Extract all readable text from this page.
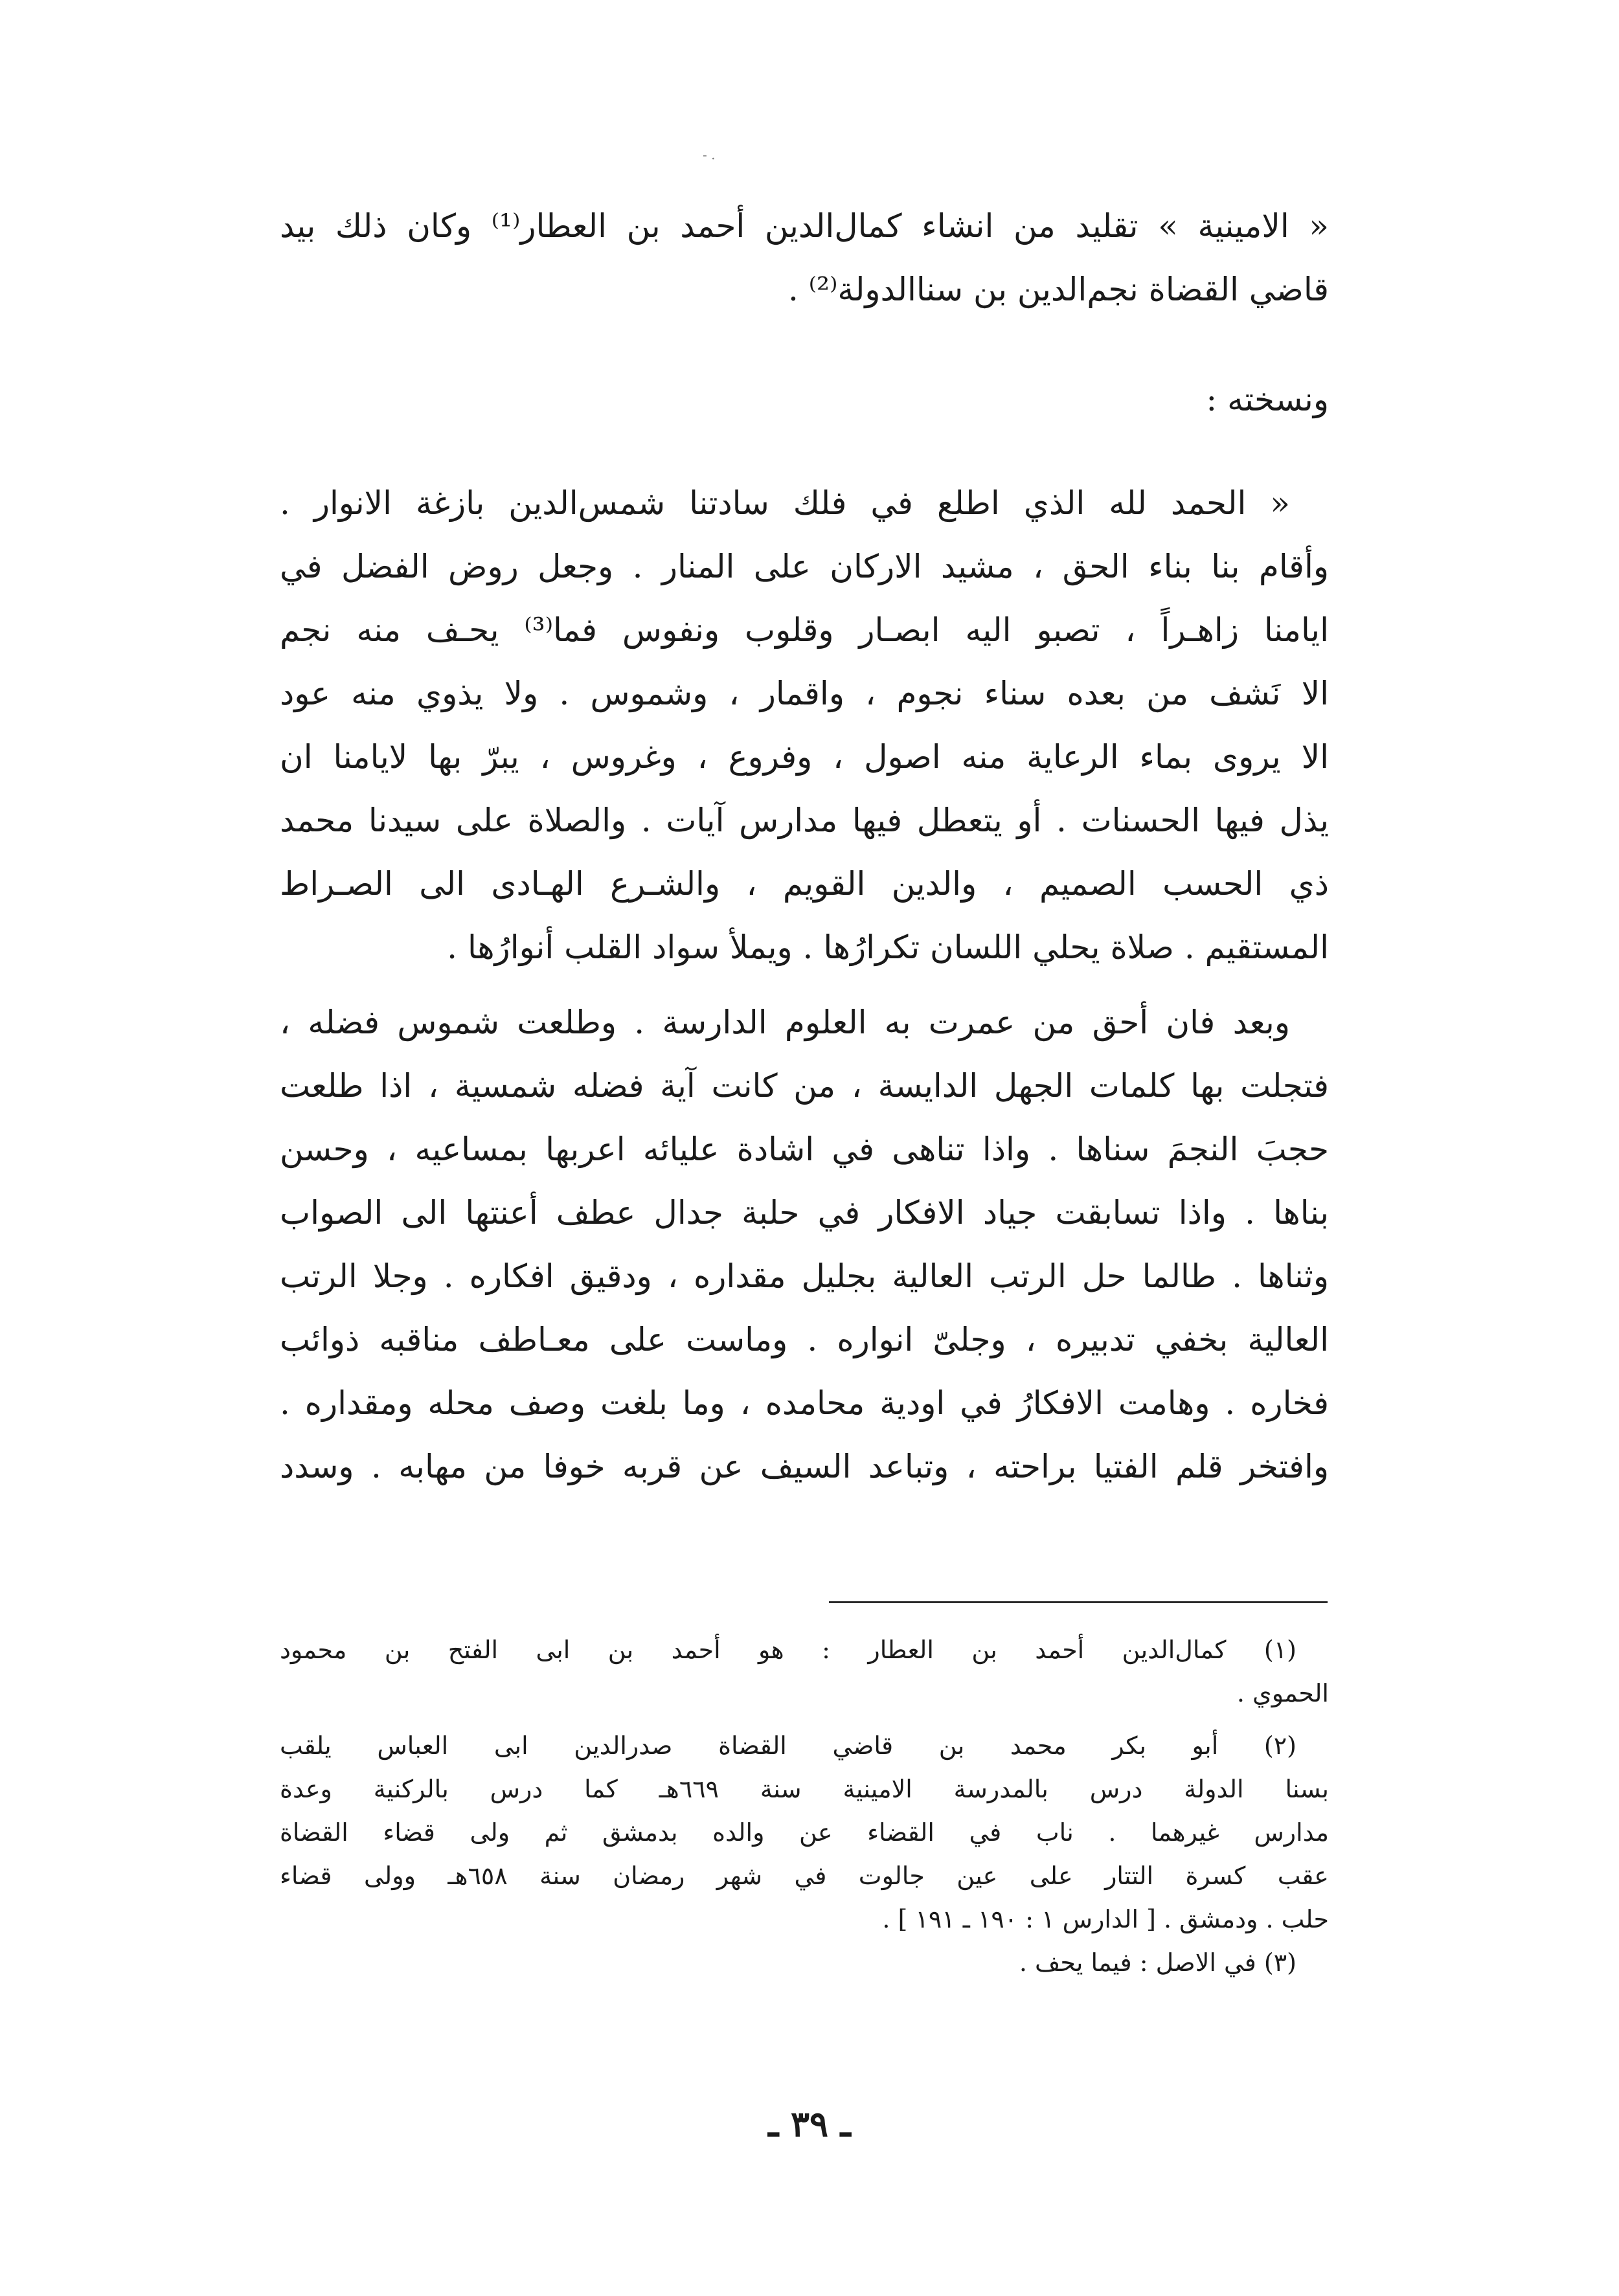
- .
« الامينية » تقليد من انشاء كمال‌الدين أحمد بن العطار⁽¹⁾ وكان ذلك بيد
قاضي القضاة نجم‌الدين بن سناالدولة⁽²⁾ .
ونسخته :
« الحمد لله الذي اطلع في فلك سادتنا شمس‌الدين بازغة الانوار .
وأقام بنا بناء الحق ، مشيد الاركان على المنار . وجعل روض الفضل في
ايامنا زاهـراً ، تصبو اليه ابصـار وقلوب ونفوس فما⁽³⁾ يحـف منه نجم
الا نَشف من بعده سناء نجوم ، واقمار ، وشموس . ولا يذوي منه عود
الا يروى بماء الرعاية منه اصول ، وفروع ، وغروس ، يبرّ بها لايامنا ان
يذل فيها الحسنات . أو يتعطل فيها مدارس آيات . والصلاة على سيدنا محمد
ذي الحسب الصميم ، والدين القويم ، والشـرع الهـادى الى الصـراط
المستقيم . صلاة يحلي اللسان تكرارُها . ويملأ سواد القلب أنوارُها .
وبعد فان أحق من عمرت به العلوم الدارسة . وطلعت شموس فضله ،
فتجلت بها كلمات الجهل الدايسة ، من كانت آية فضله شمسية ، اذا طلعت
حجبَ النجمَ سناها . واذا تناهى في اشادة عليائه اعربها بمساعيه ، وحسن
بناها . واذا تسابقت جياد الافكار في حلبة جدال عطف أعنتها الى الصواب
وثناها . طالما حل الرتب العالية بجليل مقداره ، ودقيق افكاره . وجلا الرتب
العالية بخفي تدبيره ، وجلىّ انواره . وماست على معـاطف مناقبه ذوائب
فخاره . وهامت الافكارُ في اودية محامده ، وما بلغت وصف محله ومقداره .
وافتخر قلم الفتيا براحته ، وتباعد السيف عن قربه خوفا من مهابه . وسدد
(١) كمال‌الدين أحمد بن العطار : هو أحمد بن ابى الفتح بن محمود
الحموي .
(٢) أبو بكر محمد بن قاضي القضاة صدرالدين ابى العباس يلقب
بسنا الدولة درس بالمدرسة الامينية سنة ٦٦٩هـ كما درس بالركنية وعدة
مدارس غيرهما . ناب في القضاء عن والده بدمشق ثم ولى قضاء القضاة
عقب كسرة التتار على عين جالوت في شهر رمضان سنة ٦٥٨هـ وولى قضاء
حلب . ودمشق . [ الدارس ١ : ١٩٠ ـ ١٩١ ] .
(٣) في الاصل : فيما يحف .
ـ ٣٩ ـ
